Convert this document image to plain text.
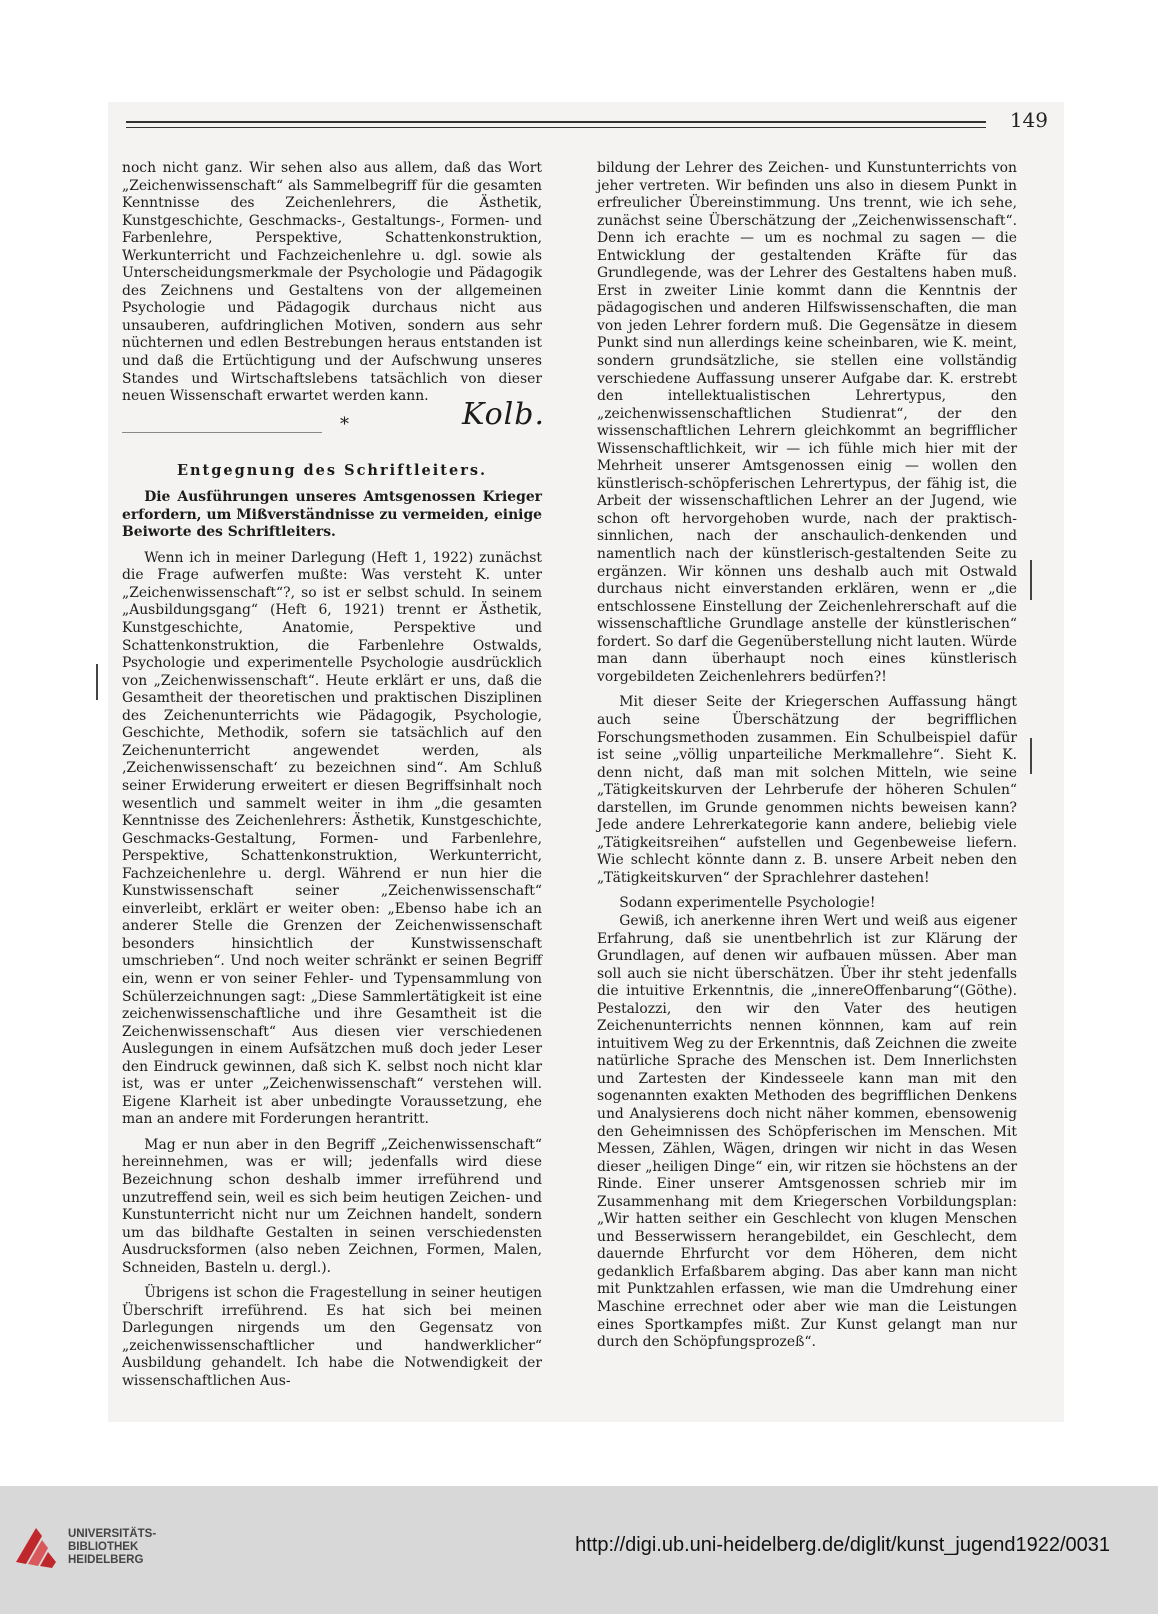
149

noch nicht ganz. Wir sehen also aus allem, daß das Wort „Zeichenwissenschaft“ als Sammelbegriff für die gesamten Kenntnisse des Zeichenlehrers, die Ästhetik, Kunstgeschichte, Geschmacks-, Gestaltungs-, Formen- und Farbenlehre, Perspektive, Schattenkonstruktion, Werkunterricht und Fachzeichenlehre u. dgl. sowie als Unterscheidungsmerkmale der Psychologie und Pädagogik des Zeichnens und Gestaltens von der allgemeinen Psychologie und Pädagogik durchaus nicht aus unsauberen, aufdringlichen Motiven, sondern aus sehr nüchternen und edlen Bestrebungen heraus entstanden ist und daß die Ertüchtigung und der Aufschwung unseres Standes und Wirtschaftslebens tatsächlich von dieser neuen Wissenschaft erwartet werden kann.

*	Kolb.

Entgegnung des Schriftleiters.

Die Ausführungen unseres Amtsgenossen Krieger erfordern, um Mißverständnisse zu vermeiden, einige Beiworte des Schriftleiters.

Wenn ich in meiner Darlegung (Heft 1, 1922) zunächst die Frage aufwerfen mußte: Was versteht K. unter „Zeichenwissenschaft“?, so ist er selbst schuld. In seinem „Ausbildungsgang“ (Heft 6, 1921) trennt er Ästhetik, Kunstgeschichte, Anatomie, Perspektive und Schattenkonstruktion, die Farbenlehre Ostwalds, Psychologie und experimentelle Psychologie ausdrücklich von „Zeichenwissenschaft“. Heute erklärt er uns, daß die Gesamtheit der theoretischen und praktischen Disziplinen des Zeichenunterrichts wie Pädagogik, Psychologie, Geschichte, Methodik, sofern sie tatsächlich auf den Zeichenunterricht angewendet werden, als ‚Zeichenwissenschaft‘ zu bezeichnen sind“. Am Schluß seiner Erwiderung erweitert er diesen Begriffsinhalt noch wesentlich und sammelt weiter in ihm „die gesamten Kenntnisse des Zeichenlehrers: Ästhetik, Kunstgeschichte, Geschmacks-Gestaltung, Formen- und Farbenlehre, Perspektive, Schattenkonstruktion, Werkunterricht, Fachzeichenlehre u. dergl. Während er nun hier die Kunstwissenschaft seiner „Zeichenwissenschaft“ einverleibt, erklärt er weiter oben: „Ebenso habe ich an anderer Stelle die Grenzen der Zeichenwissenschaft besonders hinsichtlich der Kunstwissenschaft umschrieben“. Und noch weiter schränkt er seinen Begriff ein, wenn er von seiner Fehler- und Typensammlung von Schülerzeichnungen sagt: „Diese Sammlertätigkeit ist eine zeichenwissenschaftliche und ihre Gesamtheit ist die Zeichenwissenschaft“ Aus diesen vier verschiedenen Auslegungen in einem Aufsätzchen muß doch jeder Leser den Eindruck gewinnen, daß sich K. selbst noch nicht klar ist, was er unter „Zeichenwissenschaft“ verstehen will. Eigene Klarheit ist aber unbedingte Voraussetzung, ehe man an andere mit Forderungen herantritt.

Mag er nun aber in den Begriff „Zeichenwissenschaft“ hereinnehmen, was er will; jedenfalls wird diese Bezeichnung schon deshalb immer irreführend und unzutreffend sein, weil es sich beim heutigen Zeichen- und Kunstunterricht nicht nur um Zeichnen handelt, sondern um das bildhafte Gestalten in seinen verschiedensten Ausdrucksformen (also neben Zeichnen, Formen, Malen, Schneiden, Basteln u. dergl.).

Übrigens ist schon die Fragestellung in seiner heutigen Überschrift irreführend. Es hat sich bei meinen Darlegungen nirgends um den Gegensatz von „zeichenwissenschaftlicher und handwerklicher“ Ausbildung gehandelt. Ich habe die Notwendigkeit der wissenschaftlichen Aus-

bildung der Lehrer des Zeichen- und Kunstunterrichts von jeher vertreten. Wir befinden uns also in diesem Punkt in erfreulicher Übereinstimmung. Uns trennt, wie ich sehe, zunächst seine Überschätzung der „Zeichenwissenschaft“. Denn ich erachte — um es nochmal zu sagen — die Entwicklung der gestaltenden Kräfte für das Grundlegende, was der Lehrer des Gestaltens haben muß. Erst in zweiter Linie kommt dann die Kenntnis der pädagogischen und anderen Hilfswissenschaften, die man von jeden Lehrer fordern muß. Die Gegensätze in diesem Punkt sind nun allerdings keine scheinbaren, wie K. meint, sondern grundsätzliche, sie stellen eine vollständig verschiedene Auffassung unserer Aufgabe dar. K. erstrebt den intellektualistischen Lehrertypus, den „zeichenwissenschaftlichen Studienrat“, der den wissenschaftlichen Lehrern gleichkommt an begrifflicher Wissenschaftlichkeit, wir — ich fühle mich hier mit der Mehrheit unserer Amtsgenossen einig — wollen den künstlerisch-schöpferischen Lehrertypus, der fähig ist, die Arbeit der wissenschaftlichen Lehrer an der Jugend, wie schon oft hervorgehoben wurde, nach der praktisch-sinnlichen, nach der anschaulich-denkenden und namentlich nach der künstlerisch-gestaltenden Seite zu ergänzen. Wir können uns deshalb auch mit Ostwald durchaus nicht einverstanden erklären, wenn er „die entschlossene Einstellung der Zeichenlehrerschaft auf die wissenschaftliche Grundlage anstelle der künstlerischen“ fordert. So darf die Gegenüberstellung nicht lauten. Würde man dann überhaupt noch eines künstlerisch vorgebildeten Zeichenlehrers bedürfen?!

Mit dieser Seite der Kriegerschen Auffassung hängt auch seine Überschätzung der begrifflichen Forschungsmethoden zusammen. Ein Schulbeispiel dafür ist seine „völlig unparteiliche Merkmallehre“. Sieht K. denn nicht, daß man mit solchen Mitteln, wie seine „Tätigkeitskurven der Lehrberufe der höheren Schulen“ darstellen, im Grunde genommen nichts beweisen kann? Jede andere Lehrerkategorie kann andere, beliebig viele „Tätigkeitsreihen“ aufstellen und Gegenbeweise liefern. Wie schlecht könnte dann z. B. unsere Arbeit neben den „Tätigkeitskurven“ der Sprachlehrer dastehen!

Sodann experimentelle Psychologie!

Gewiß, ich anerkenne ihren Wert und weiß aus eigener Erfahrung, daß sie unentbehrlich ist zur Klärung der Grundlagen, auf denen wir aufbauen müssen. Aber man soll auch sie nicht überschätzen. Über ihr steht jedenfalls die intuitive Erkenntnis, die „innereOffenbarung“(Göthe). Pestalozzi, den wir den Vater des heutigen Zeichenunterrichts nennen könnnen, kam auf rein intuitivem Weg zu der Erkenntnis, daß Zeichnen die zweite natürliche Sprache des Menschen ist. Dem Innerlichsten und Zartesten der Kindesseele kann man mit den sogenannten exakten Methoden des begrifflichen Denkens und Analysierens doch nicht näher kommen, ebensowenig den Geheimnissen des Schöpferischen im Menschen. Mit Messen, Zählen, Wägen, dringen wir nicht in das Wesen dieser „heiligen Dinge“ ein, wir ritzen sie höchstens an der Rinde. Einer unserer Amtsgenossen schrieb mir im Zusammenhang mit dem Kriegerschen Vorbildungsplan: „Wir hatten seither ein Geschlecht von klugen Menschen und Besserwissern herangebildet, ein Geschlecht, dem dauernde Ehrfurcht vor dem Höheren, dem nicht gedanklich Erfaßbarem abging. Das aber kann man nicht mit Punktzahlen erfassen, wie man die Umdrehung einer Maschine errechnet oder aber wie man die Leistungen eines Sportkampfes mißt. Zur Kunst gelangt man nur durch den Schöpfungsprozeß“.

UNIVERSITÄTS-
BIBLIOTHEK
HEIDELBERG
http://digi.ub.uni-heidelberg.de/diglit/kunst_jugend1922/0031
